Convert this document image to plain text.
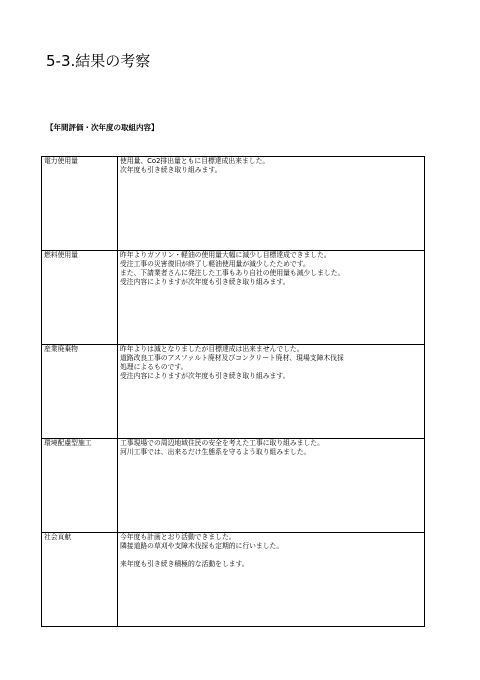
5-3.結果の考察
【年間評価・次年度の取組内容】
電力使用量	使用量、Co2排出量ともに目標達成出来ました。
次年度も引き続き取り組みます。

燃料使用量	昨年よりガソリン・軽油の使用量大幅に減少し目標達成できました。
受注工事の災害復旧が終了し軽油使用量が減少したためです。
また、下請業者さんに発注した工事もあり自社の使用量も減少しました。
受注内容によりますが次年度も引き続き取り組みます。

産業廃棄物	昨年よりは減となりましたが目標達成は出来ませんでした。
道路改良工事のアスファルト廃材及びコンクリート廃材、現場支障木伐採
処理によるものです。
受注内容によりますが次年度も引き続き取り組みます。

環境配慮型施工	工事現場での周辺地域住民の安全を考えた工事に取り組みました。
河川工事では、出来るだけ生態系を守るよう取り組みました。

社会貢献	今年度も計画とおり活動できました。
隣接道路の草刈や支障木伐採も定期的に行いました。
来年度も引き続き積極的な活動をします。
